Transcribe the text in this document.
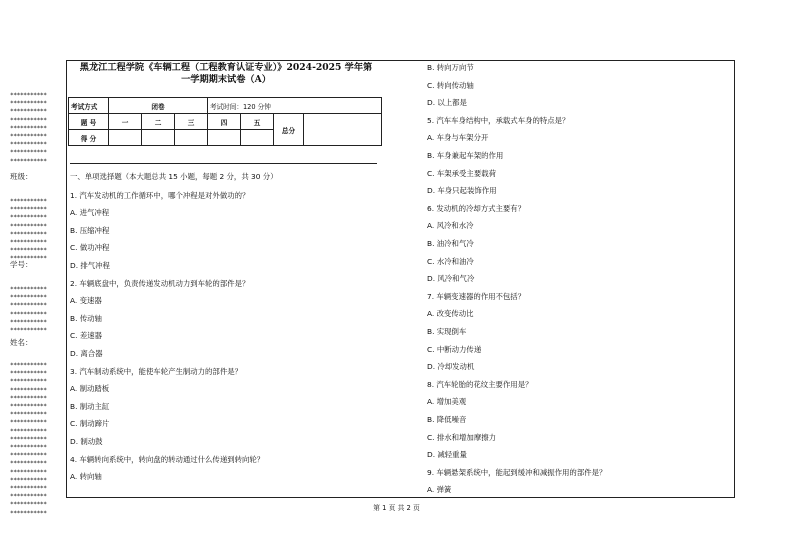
***********
***********
***********
***********
***********
***********
***********
***********
***********
***********
***********
***********
***********
***********
***********
***********
***********
***********
***********
***********
***********
***********
***********
***********
***********
***********
***********
***********
***********
***********
***********
***********
***********
***********
***********
***********
***********
***********
***********
***********
***********
***********
班级：
学号：
姓名：
黑龙江工程学院《车辆工程（工程教育认证专业）》2024-2025 学年第
一学期期末试卷（A）
考试方式	闭卷			考试时间：120 分钟			
题 号	一	二	三	四	五	总分	
得 分							
一、单项选择题（本大题总共 15 小题，每题 2 分，共 30 分）
1. 汽车发动机的工作循环中，哪个冲程是对外做功的？
A. 进气冲程
B. 压缩冲程
C. 做功冲程
D. 排气冲程
2. 车辆底盘中，负责传递发动机动力到车轮的部件是？
A. 变速器
B. 传动轴
C. 差速器
D. 离合器
3. 汽车制动系统中，能使车轮产生制动力的部件是？
A. 制动踏板
B. 制动主缸
C. 制动蹄片
D. 制动鼓
4. 车辆转向系统中，转向盘的转动通过什么传递到转向轮？
A. 转向轴
B. 转向万向节
C. 转向传动轴
D. 以上都是
5. 汽车车身结构中，承载式车身的特点是？
A. 车身与车架分开
B. 车身兼起车架的作用
C. 车架承受主要载荷
D. 车身只起装饰作用
6. 发动机的冷却方式主要有？
A. 风冷和水冷
B. 油冷和气冷
C. 水冷和油冷
D. 风冷和气冷
7. 车辆变速器的作用不包括？
A. 改变传动比
B. 实现倒车
C. 中断动力传递
D. 冷却发动机
8. 汽车轮胎的花纹主要作用是？
A. 增加美观
B. 降低噪音
C. 排水和增加摩擦力
D. 减轻重量
9. 车辆悬架系统中，能起到缓冲和减振作用的部件是？
A. 弹簧
第 1 页 共 2 页
